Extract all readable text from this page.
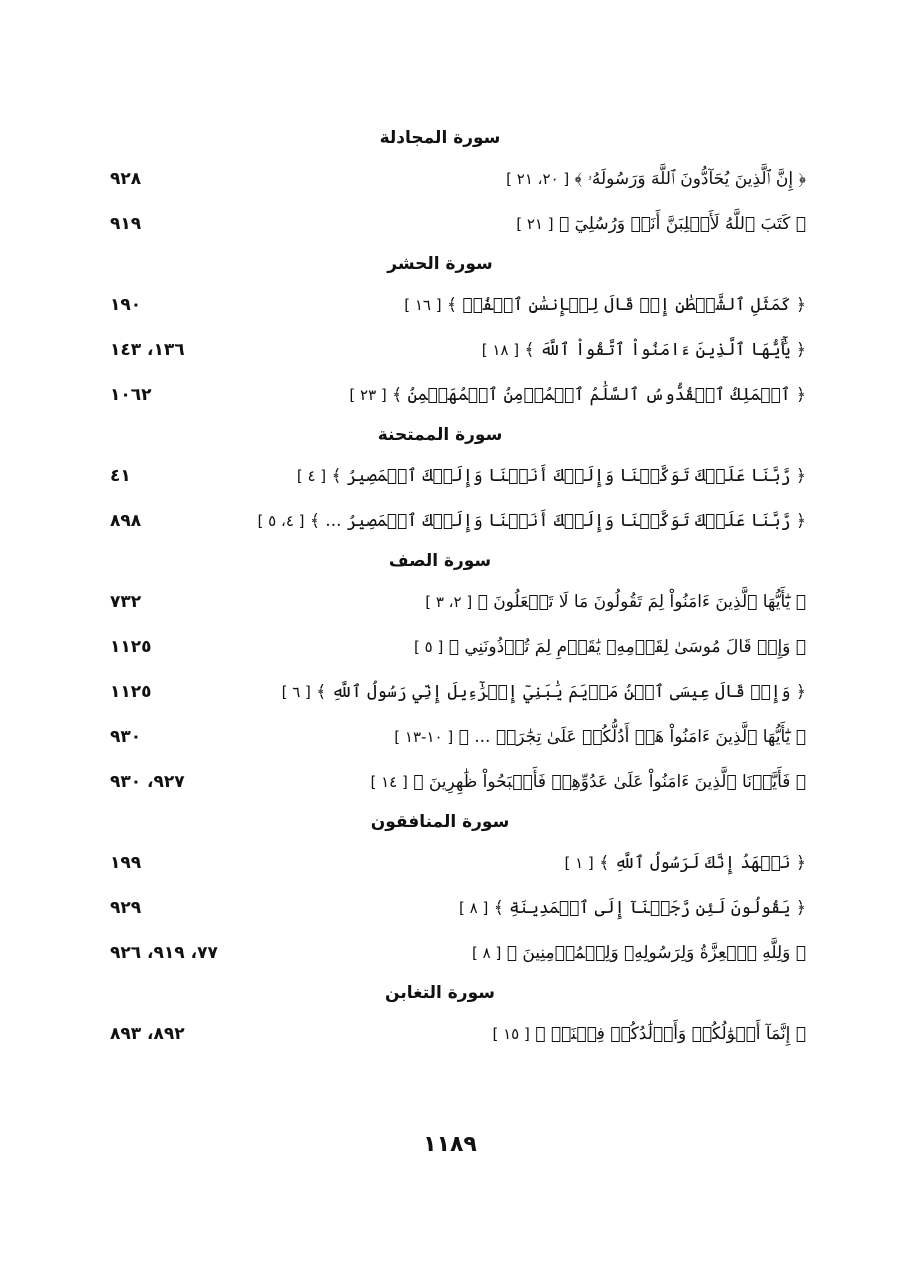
سورة المجادلة
٩٢٨	﴿ إِنَّ ٱلَّذِينَ يُحَآدُّونَ ٱللَّهَ وَرَسُولَهُۥ ﴾ [ ٢٠، ٢١ ]
٩١٩	﴿ كَتَبَ ٱللَّهُ لَأَغۡلِبَنَّ أَنَا۠ وَرُسُلِيٓ ﴾ [ ٢١ ]
سورة الحشر
١٩٠	﴿ كَمَثَلِ ٱلشَّيۡطَٰنِ إِذۡ قَالَ لِلۡإِنسَٰنِ ٱكۡفُرۡ ﴾ [ ١٦ ]
١٣٦، ١٤٣	﴿ يَٰٓأَيُّهَا ٱلَّذِينَ ءَامَنُواْ ٱتَّقُواْ ٱللَّهَ ﴾ [ ١٨ ]
١٠٦٢	﴿ ٱلۡمَلِكُ ٱلۡقُدُّوسُ ٱلسَّلَٰمُ ٱلۡمُؤۡمِنُ ٱلۡمُهَيۡمِنُ ﴾ [ ٢٣ ]
سورة الممتحنة
٤١	﴿ رَّبَّنَا عَلَيۡكَ تَوَكَّلۡنَا وَإِلَيۡكَ أَنَبۡنَا وَإِلَيۡكَ ٱلۡمَصِيرُ ﴾ [ ٤ ]
٨٩٨	﴿ رَّبَّنَا عَلَيۡكَ تَوَكَّلۡنَا وَإِلَيۡكَ أَنَبۡنَا وَإِلَيۡكَ ٱلۡمَصِيرُ ... ﴾ [ ٤، ٥ ]
سورة الصف
٧٣٢	﴿ يَٰٓأَيُّهَا ٱلَّذِينَ ءَامَنُواْ لِمَ تَقُولُونَ مَا لَا تَفۡعَلُونَ ﴾ [ ٢، ٣ ]
١١٢٥	﴿ وَإِذۡ قَالَ مُوسَىٰ لِقَوۡمِهِۦ يَٰقَوۡمِ لِمَ تُؤۡذُونَنِي ﴾ [ ٥ ]
١١٢٥	﴿ وَإِذۡ قَالَ عِيسَى ٱبۡنُ مَرۡيَمَ يَٰبَنِيٓ إِسۡرَٰٓءِيلَ إِنِّي رَسُولُ ٱللَّهِ ﴾ [ ٦ ]
٩٣٠	﴿ يَٰٓأَيُّهَا ٱلَّذِينَ ءَامَنُواْ هَلۡ أَدُلُّكُمۡ عَلَىٰ تِجَٰرَةٖ ... ﴾ [ ١٠-١٣ ]
٩٢٧، ٩٣٠	﴿ فَأَيَّدۡنَا ٱلَّذِينَ ءَامَنُواْ عَلَىٰ عَدُوِّهِمۡ فَأَصۡبَحُواْ ظَٰهِرِينَ ﴾ [ ١٤ ]
سورة المنافقون
١٩٩	﴿ نَشۡهَدُ إِنَّكَ لَرَسُولُ ٱللَّهِ ﴾ [ ١ ]
٩٢٩	﴿ يَقُولُونَ لَئِن رَّجَعۡنَآ إِلَى ٱلۡمَدِينَةِ ﴾ [ ٨ ]
٧٧، ٩١٩، ٩٢٦	﴿ وَلِلَّهِ ٱلۡعِزَّةُ وَلِرَسُولِهِۦ وَلِلۡمُؤۡمِنِينَ ﴾ [ ٨ ]
سورة التغابن
٨٩٢، ٨٩٣	﴿ إِنَّمَآ أَمۡوَٰلُكُمۡ وَأَوۡلَٰدُكُمۡ فِتۡنَةٞ ﴾ [ ١٥ ]
١١٨٩
